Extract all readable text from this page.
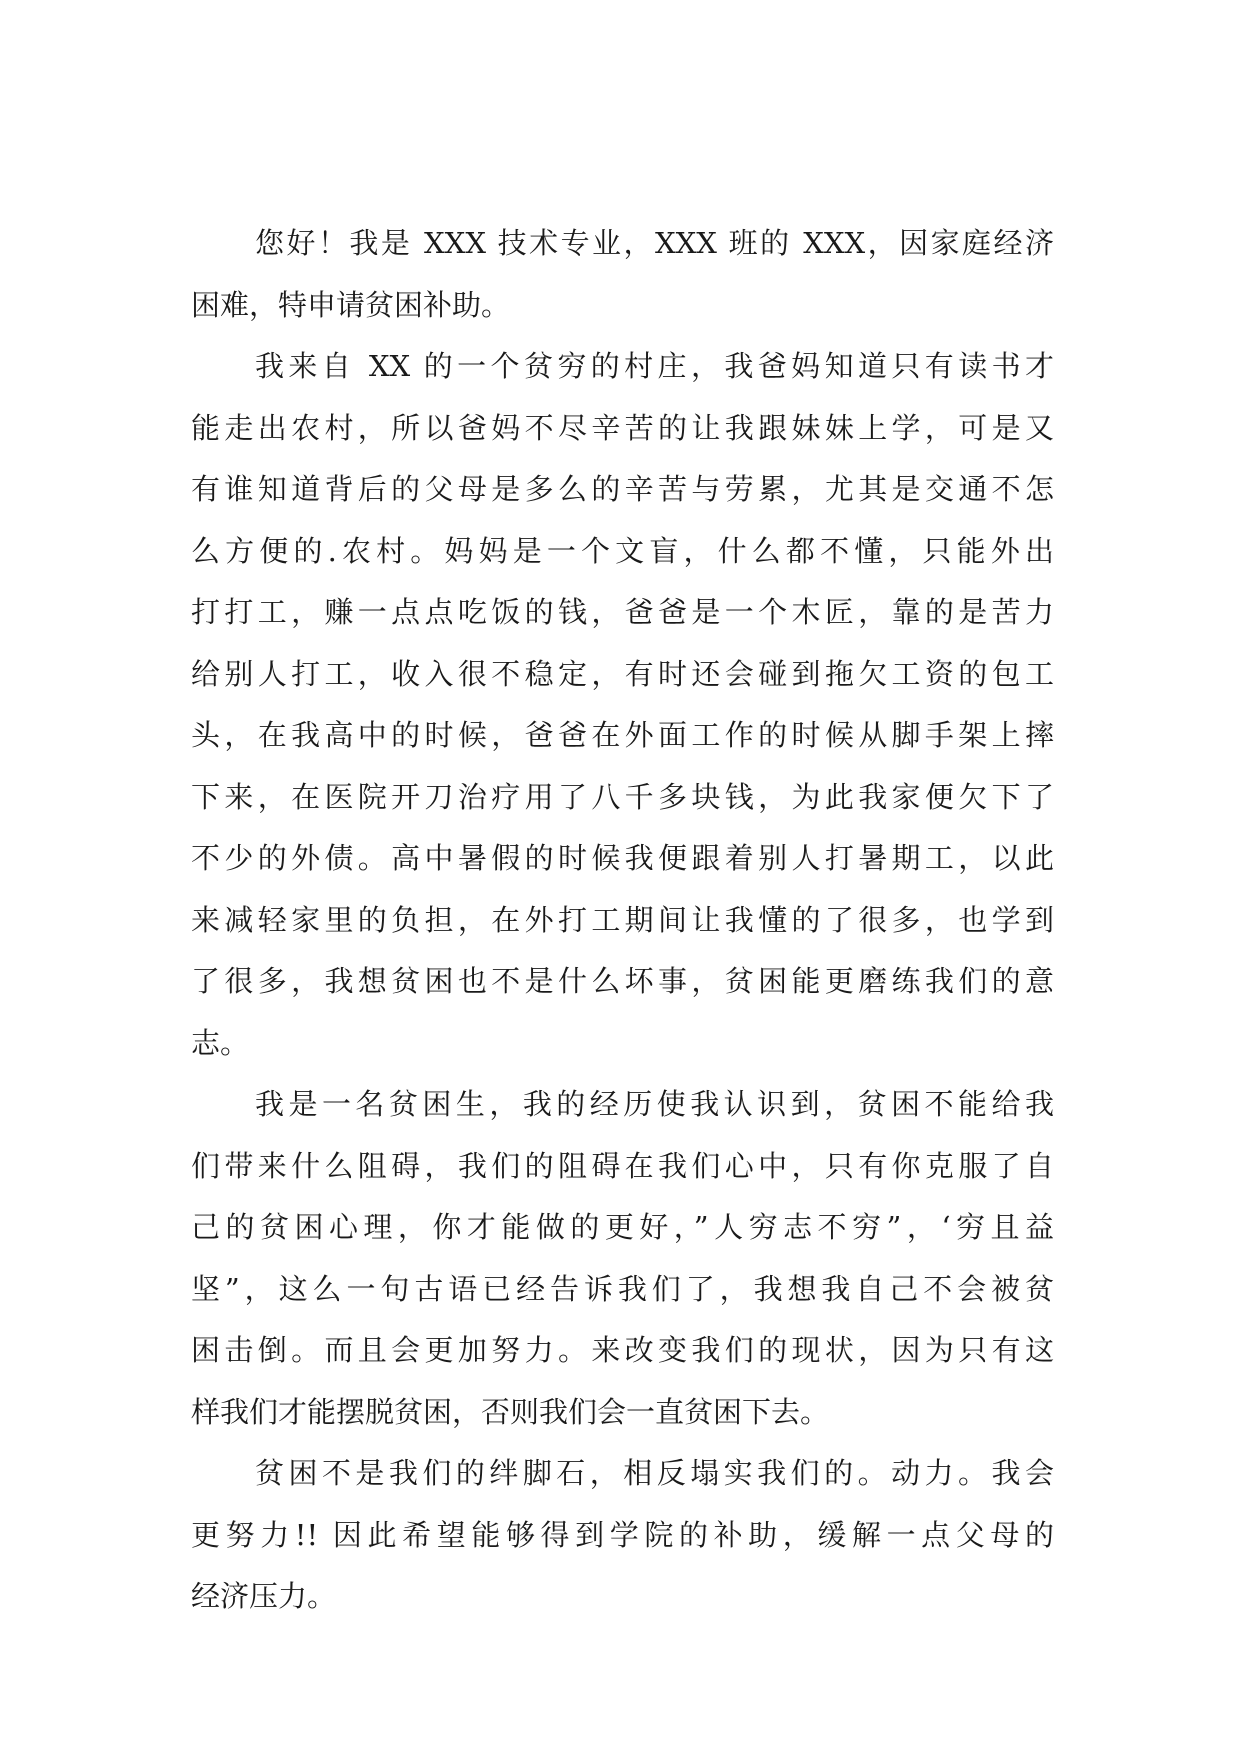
您好！我是 XXX 技术专业，XXX 班的 XXX，因家庭经济
困难，特申请贫困补助。
我来自 XX 的一个贫穷的村庄，我爸妈知道只有读书才
能走出农村，所以爸妈不尽辛苦的让我跟妹妹上学，可是又
有谁知道背后的父母是多么的辛苦与劳累，尤其是交通不怎
么方便的.农村。妈妈是一个文盲，什么都不懂，只能外出
打打工，赚一点点吃饭的钱，爸爸是一个木匠，靠的是苦力
给别人打工，收入很不稳定，有时还会碰到拖欠工资的包工
头，在我高中的时候，爸爸在外面工作的时候从脚手架上摔
下来，在医院开刀治疗用了八千多块钱，为此我家便欠下了
不少的外债。高中暑假的时候我便跟着别人打暑期工，以此
来减轻家里的负担，在外打工期间让我懂的了很多，也学到
了很多，我想贫困也不是什么坏事，贫困能更磨练我们的意
志。
我是一名贫困生，我的经历使我认识到，贫困不能给我
们带来什么阻碍，我们的阻碍在我们心中，只有你克服了自
己的贫困心理，你才能做的更好，”人穷志不穷”，‘穷且益
坚”，这么一句古语已经告诉我们了，我想我自己不会被贫
困击倒。而且会更加努力。来改变我们的现状，因为只有这
样我们才能摆脱贫困，否则我们会一直贫困下去。
贫困不是我们的绊脚石，相反塌实我们的。动力。我会
更努力!! 因此希望能够得到学院的补助，缓解一点父母的
经济压力。
